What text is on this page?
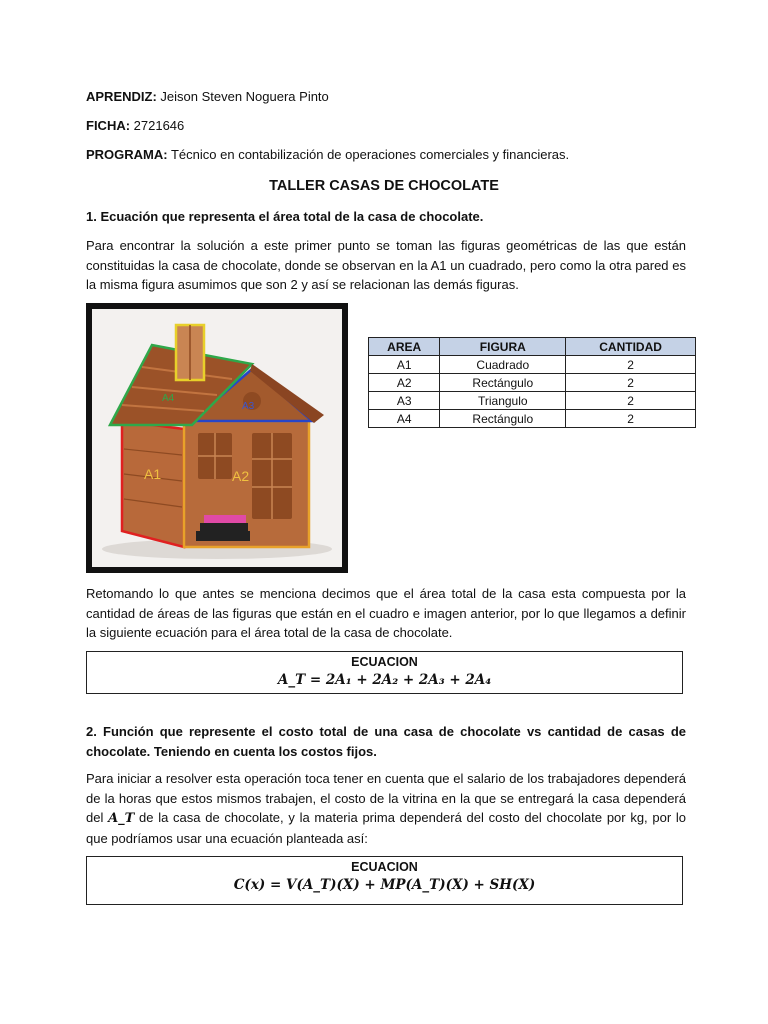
APRENDIZ: Jeison Steven Noguera Pinto
FICHA: 2721646
PROGRAMA: Técnico en contabilización de operaciones comerciales y financieras.
TALLER CASAS DE CHOCOLATE
1. Ecuación que representa el área total de la casa de chocolate.
Para encontrar la solución a este primer punto se toman las figuras geométricas de las que están constituidas la casa de chocolate, donde se observan en la A1 un cuadrado, pero como la otra pared es la misma figura asumimos que son 2 y así se relacionan las demás figuras.
A1	A2
A3
A4
AREA	FIGURA	CANTIDAD
A1	Cuadrado	2
A2	Rectángulo	2
A3	Triangulo	2
A4	Rectángulo	2
Retomando lo que antes se menciona decimos que el área total de la casa esta compuesta por la cantidad de áreas de las figuras que están en el cuadro e imagen anterior, por lo que llegamos a definir la siguiente ecuación para el área total de la casa de chocolate.
ECUACION
A_T = 2A₁ + 2A₂ + 2A₃ + 2A₄
2. Función que represente el costo total de una casa de chocolate vs cantidad de casas de chocolate. Teniendo en cuenta los costos fijos.
Para iniciar a resolver esta operación toca tener en cuenta que el salario de los trabajadores dependerá de la horas que estos mismos trabajen, el costo de la vitrina en la que se entregará la casa dependerá del A_T de la casa de chocolate, y la materia prima dependerá del costo del chocolate por kg, por lo que podríamos usar una ecuación planteada así:
ECUACION
C(x) = V(A_T)(X) + MP(A_T)(X) + SH(X)
